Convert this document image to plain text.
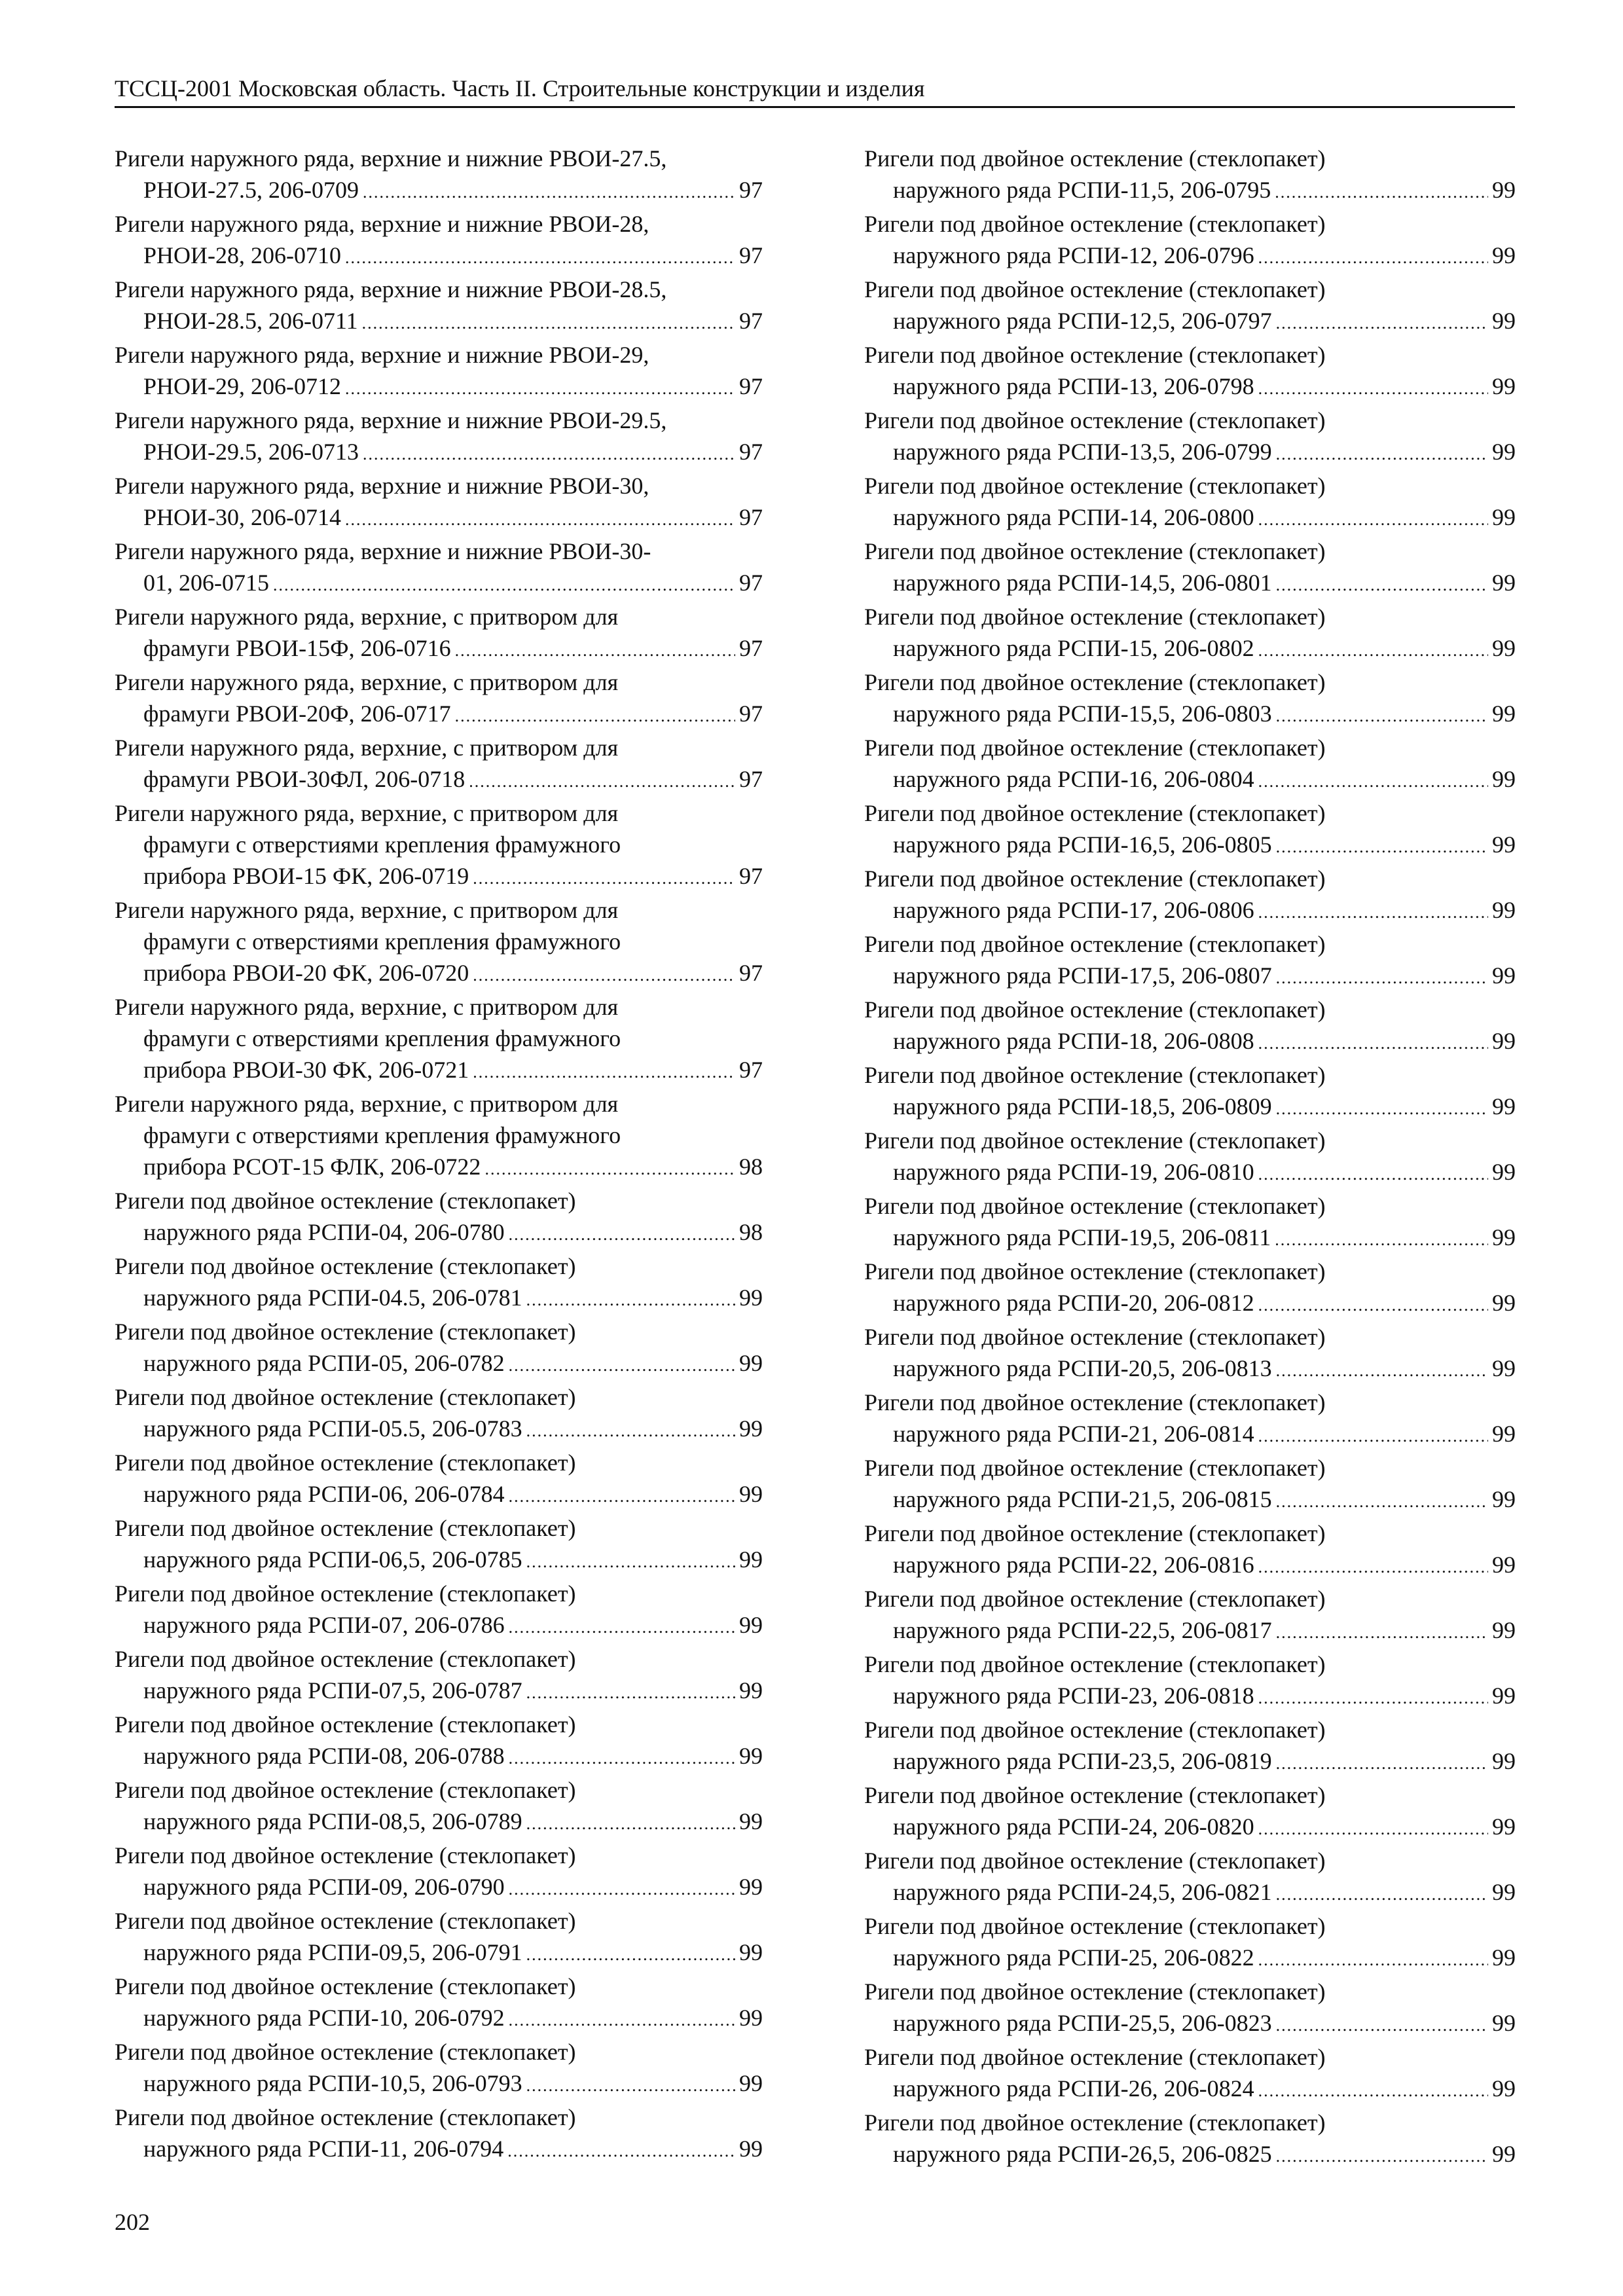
ТССЦ-2001 Московская область. Часть II. Строительные конструкции и изделия
Ригели наружного ряда, верхние и нижние РВОИ-27.5,
РНОИ-27.5, 206-0709 .....	97
Ригели наружного ряда, верхние и нижние РВОИ-28,
РНОИ-28, 206-0710 .....	97
Ригели наружного ряда, верхние и нижние РВОИ-28.5,
РНОИ-28.5, 206-0711 .....	97
Ригели наружного ряда, верхние и нижние РВОИ-29,
РНОИ-29, 206-0712 .....	97
Ригели наружного ряда, верхние и нижние РВОИ-29.5,
РНОИ-29.5, 206-0713 .....	97
Ригели наружного ряда, верхние и нижние РВОИ-30,
РНОИ-30, 206-0714 .....	97
Ригели наружного ряда, верхние и нижние РВОИ-30-
01, 206-0715 .....	97
Ригели наружного ряда, верхние, с притвором для
фрамуги РВОИ-15Ф, 206-0716 .....	97
Ригели наружного ряда, верхние, с притвором для
фрамуги РВОИ-20Ф, 206-0717 .....	97
Ригели наружного ряда, верхние, с притвором для
фрамуги РВОИ-30ФЛ, 206-0718 .....	97
Ригели наружного ряда, верхние, с притвором для
фрамуги с отверстиями крепления фрамужного
прибора РВОИ-15 ФК, 206-0719 .....	97
Ригели наружного ряда, верхние, с притвором для
фрамуги с отверстиями крепления фрамужного
прибора РВОИ-20 ФК, 206-0720 .....	97
Ригели наружного ряда, верхние, с притвором для
фрамуги с отверстиями крепления фрамужного
прибора РВОИ-30 ФК, 206-0721 .....	97
Ригели наружного ряда, верхние, с притвором для
фрамуги с отверстиями крепления фрамужного
прибора РСОТ-15 ФЛК, 206-0722 .....	98
Ригели под двойное остекление (стеклопакет)
наружного ряда РСПИ-04, 206-0780 .....	98
Ригели под двойное остекление (стеклопакет)
наружного ряда РСПИ-04.5, 206-0781 .....	99
Ригели под двойное остекление (стеклопакет)
наружного ряда РСПИ-05, 206-0782 .....	99
Ригели под двойное остекление (стеклопакет)
наружного ряда РСПИ-05.5, 206-0783 .....	99
Ригели под двойное остекление (стеклопакет)
наружного ряда РСПИ-06, 206-0784 .....	99
Ригели под двойное остекление (стеклопакет)
наружного ряда РСПИ-06,5, 206-0785 .....	99
Ригели под двойное остекление (стеклопакет)
наружного ряда РСПИ-07, 206-0786 .....	99
Ригели под двойное остекление (стеклопакет)
наружного ряда РСПИ-07,5, 206-0787 .....	99
Ригели под двойное остекление (стеклопакет)
наружного ряда РСПИ-08, 206-0788 .....	99
Ригели под двойное остекление (стеклопакет)
наружного ряда РСПИ-08,5, 206-0789 .....	99
Ригели под двойное остекление (стеклопакет)
наружного ряда РСПИ-09, 206-0790 .....	99
Ригели под двойное остекление (стеклопакет)
наружного ряда РСПИ-09,5, 206-0791 .....	99
Ригели под двойное остекление (стеклопакет)
наружного ряда РСПИ-10, 206-0792 .....	99
Ригели под двойное остекление (стеклопакет)
наружного ряда РСПИ-10,5, 206-0793 .....	99
Ригели под двойное остекление (стеклопакет)
наружного ряда РСПИ-11, 206-0794 .....	99
Ригели под двойное остекление (стеклопакет)
наружного ряда РСПИ-11,5, 206-0795 .....	99
Ригели под двойное остекление (стеклопакет)
наружного ряда РСПИ-12, 206-0796 .....	99
Ригели под двойное остекление (стеклопакет)
наружного ряда РСПИ-12,5, 206-0797 .....	99
Ригели под двойное остекление (стеклопакет)
наружного ряда РСПИ-13, 206-0798 .....	99
Ригели под двойное остекление (стеклопакет)
наружного ряда РСПИ-13,5, 206-0799 .....	99
Ригели под двойное остекление (стеклопакет)
наружного ряда РСПИ-14, 206-0800 .....	99
Ригели под двойное остекление (стеклопакет)
наружного ряда РСПИ-14,5, 206-0801 .....	99
Ригели под двойное остекление (стеклопакет)
наружного ряда РСПИ-15, 206-0802 .....	99
Ригели под двойное остекление (стеклопакет)
наружного ряда РСПИ-15,5, 206-0803 .....	99
Ригели под двойное остекление (стеклопакет)
наружного ряда РСПИ-16, 206-0804 .....	99
Ригели под двойное остекление (стеклопакет)
наружного ряда РСПИ-16,5, 206-0805 .....	99
Ригели под двойное остекление (стеклопакет)
наружного ряда РСПИ-17, 206-0806 .....	99
Ригели под двойное остекление (стеклопакет)
наружного ряда РСПИ-17,5, 206-0807 .....	99
Ригели под двойное остекление (стеклопакет)
наружного ряда РСПИ-18, 206-0808 .....	99
Ригели под двойное остекление (стеклопакет)
наружного ряда РСПИ-18,5, 206-0809 .....	99
Ригели под двойное остекление (стеклопакет)
наружного ряда РСПИ-19, 206-0810 .....	99
Ригели под двойное остекление (стеклопакет)
наружного ряда РСПИ-19,5, 206-0811 .....	99
Ригели под двойное остекление (стеклопакет)
наружного ряда РСПИ-20, 206-0812 .....	99
Ригели под двойное остекление (стеклопакет)
наружного ряда РСПИ-20,5, 206-0813 .....	99
Ригели под двойное остекление (стеклопакет)
наружного ряда РСПИ-21, 206-0814 .....	99
Ригели под двойное остекление (стеклопакет)
наружного ряда РСПИ-21,5, 206-0815 .....	99
Ригели под двойное остекление (стеклопакет)
наружного ряда РСПИ-22, 206-0816 .....	99
Ригели под двойное остекление (стеклопакет)
наружного ряда РСПИ-22,5, 206-0817 .....	99
Ригели под двойное остекление (стеклопакет)
наружного ряда РСПИ-23, 206-0818 .....	99
Ригели под двойное остекление (стеклопакет)
наружного ряда РСПИ-23,5, 206-0819 .....	99
Ригели под двойное остекление (стеклопакет)
наружного ряда РСПИ-24, 206-0820 .....	99
Ригели под двойное остекление (стеклопакет)
наружного ряда РСПИ-24,5, 206-0821 .....	99
Ригели под двойное остекление (стеклопакет)
наружного ряда РСПИ-25, 206-0822 .....	99
Ригели под двойное остекление (стеклопакет)
наружного ряда РСПИ-25,5, 206-0823 .....	99
Ригели под двойное остекление (стеклопакет)
наружного ряда РСПИ-26, 206-0824 .....	99
Ригели под двойное остекление (стеклопакет)
наружного ряда РСПИ-26,5, 206-0825 .....	99
202
